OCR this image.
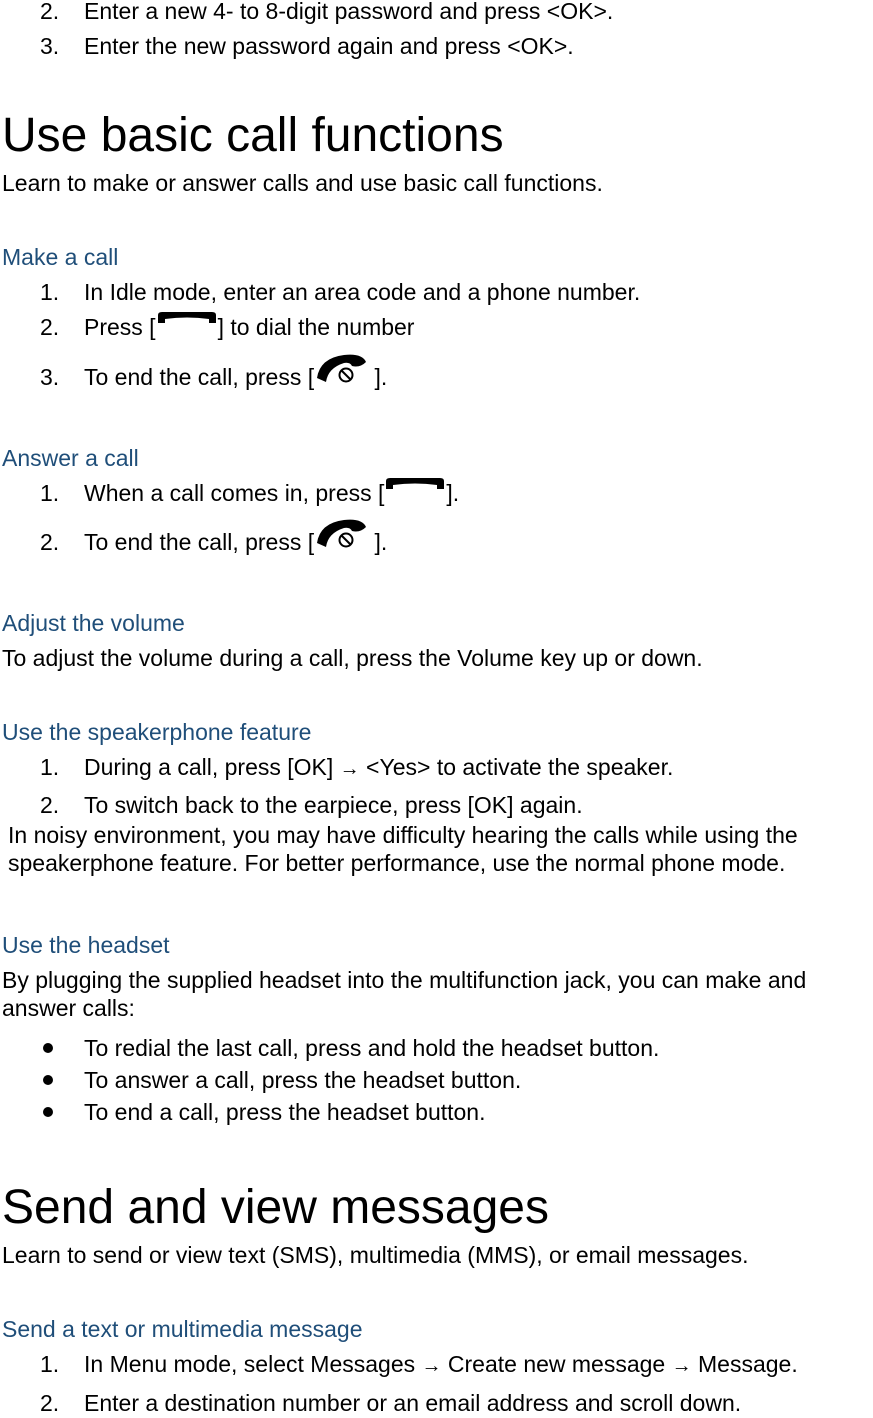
2. Enter a new 4- to 8-digit password and press <OK>.
3. Enter the new password again and press <OK>.
Use basic call functions
Learn to make or answer calls and use basic call functions.
Make a call
1. In Idle mode, enter an area code and a phone number.
2. Press [	] to dial the number
3. To end the call, press [ ].
Answer a call
1. When a call comes in, press [	].
2. To end the call, press [ ].
Adjust the volume
To adjust the volume during a call, press the Volume key up or down.
Use the speakerphone feature
1. During a call, press [OK] → <Yes> to activate the speaker.
2. To switch back to the earpiece, press [OK] again.
In noisy environment, you may have difficulty hearing the calls while using the
speakerphone feature. For better performance, use the normal phone mode.
Use the headset
By plugging the supplied headset into the multifunction jack, you can make and
answer calls:
To redial the last call, press and hold the headset button.
To answer a call, press the headset button.
To end a call, press the headset button.
Send and view messages
Learn to send or view text (SMS), multimedia (MMS), or email messages.
Send a text or multimedia message
1. In Menu mode, select Messages → Create new message → Message.
2. Enter a destination number or an email address and scroll down.
